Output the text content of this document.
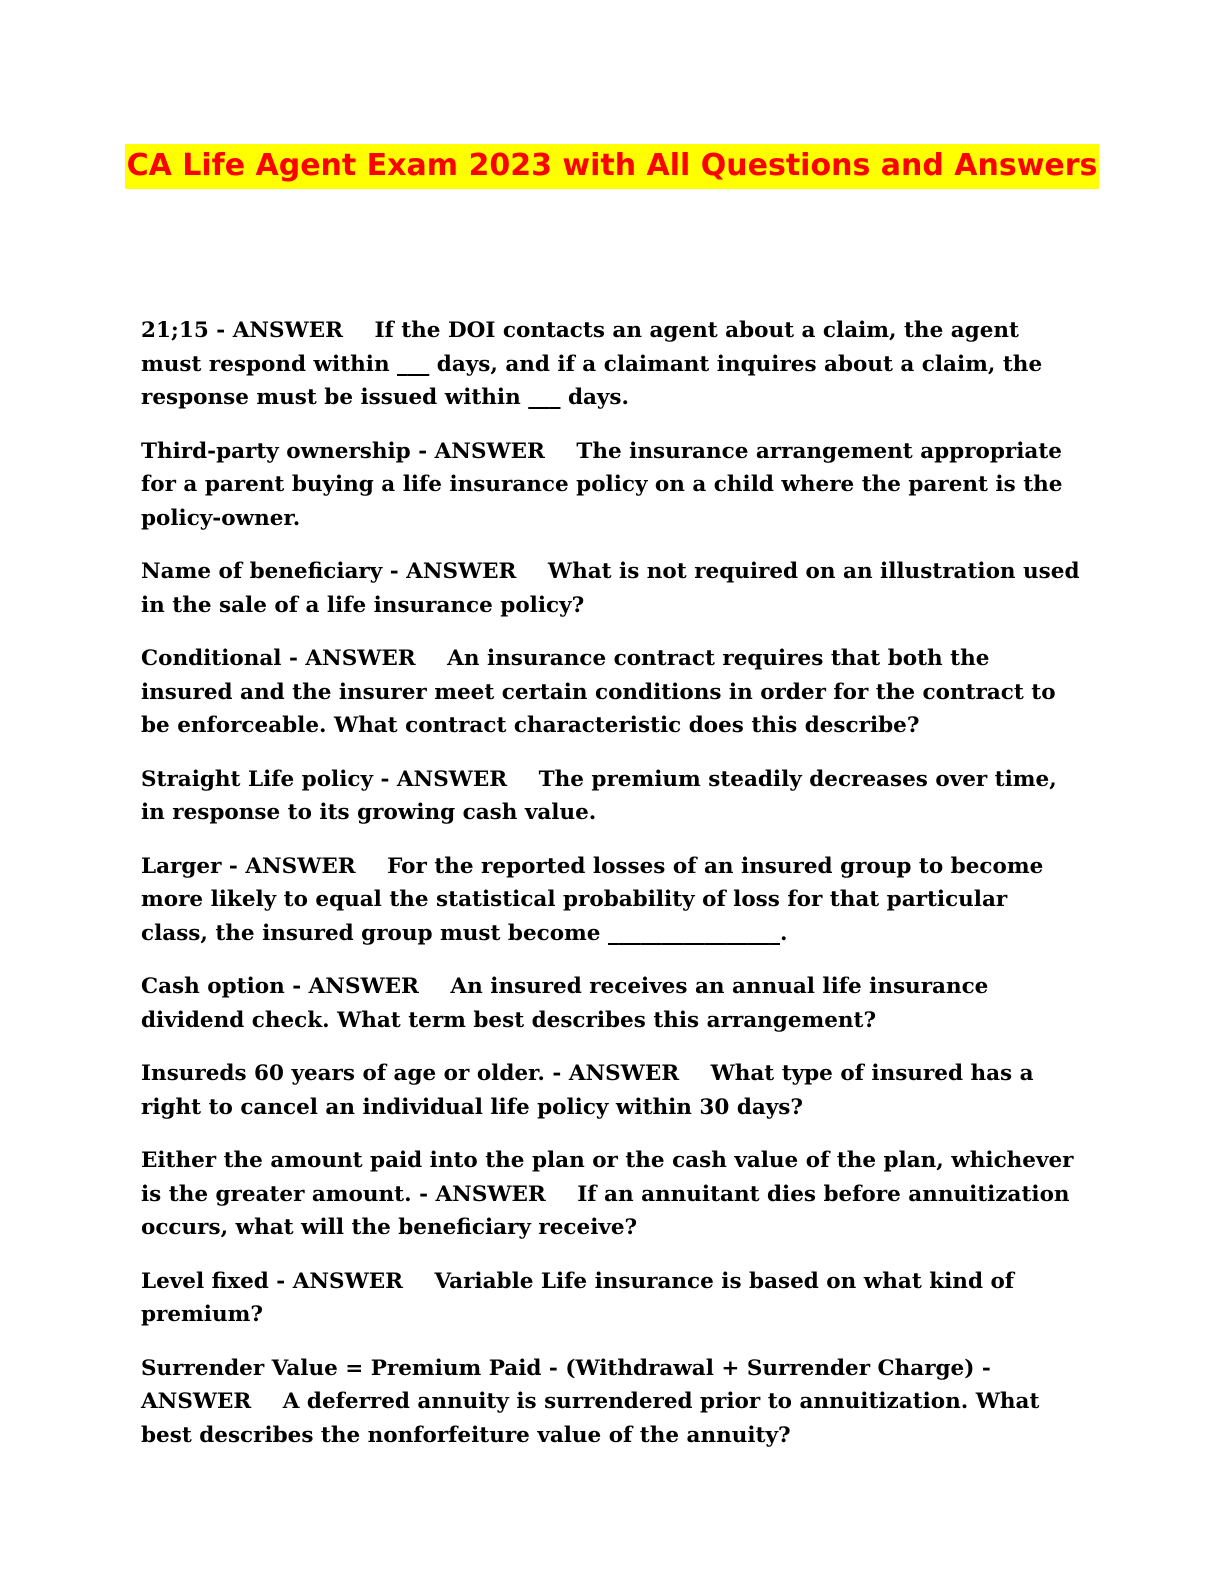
CA Life Agent Exam 2023 with All Questions and Answers

21;15 - ANSWER If the DOI contacts an agent about a claim, the agent must respond within ___ days, and if a claimant inquires about a claim, the response must be issued within ___ days.

Third-party ownership - ANSWER The insurance arrangement appropriate for a parent buying a life insurance policy on a child where the parent is the policy-owner.

Name of beneficiary - ANSWER What is not required on an illustration used in the sale of a life insurance policy?

Conditional - ANSWER An insurance contract requires that both the insured and the insurer meet certain conditions in order for the contract to be enforceable. What contract characteristic does this describe?

Straight Life policy - ANSWER The premium steadily decreases over time, in response to its growing cash value.

Larger - ANSWER For the reported losses of an insured group to become more likely to equal the statistical probability of loss for that particular class, the insured group must become ________________.

Cash option - ANSWER An insured receives an annual life insurance dividend check. What term best describes this arrangement?

Insureds 60 years of age or older. - ANSWER What type of insured has a right to cancel an individual life policy within 30 days?

Either the amount paid into the plan or the cash value of the plan, whichever is the greater amount. - ANSWER If an annuitant dies before annuitization occurs, what will the beneficiary receive?

Level fixed - ANSWER Variable Life insurance is based on what kind of premium?

Surrender Value = Premium Paid - (Withdrawal + Surrender Charge) - ANSWER A deferred annuity is surrendered prior to annuitization. What best describes the nonforfeiture value of the annuity?
